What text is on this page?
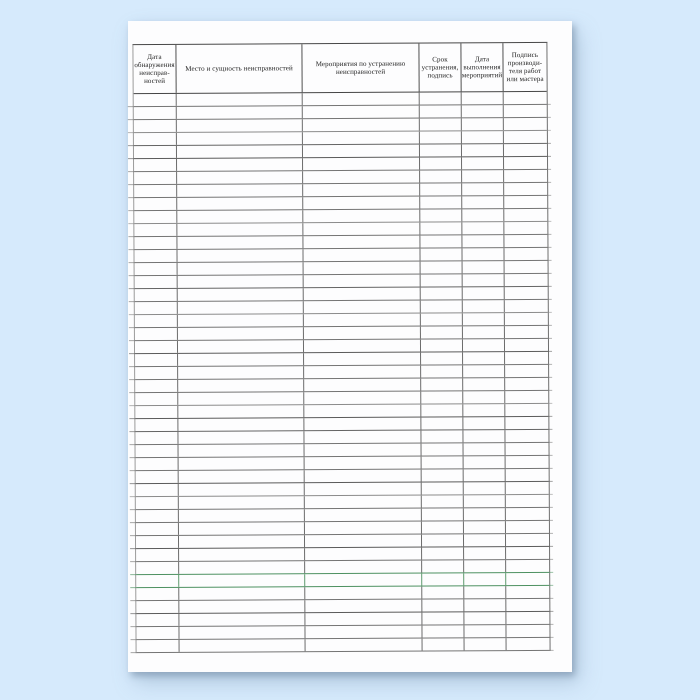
Дата
обнаружения
неисправ-
ностей
Место и сущность неисправностей
Мероприятия по устранению
неисправностей
Срок
устранения,
подпись
Дата
выполнения
мероприятий
Подпись
производи-
теля работ
или мастера
